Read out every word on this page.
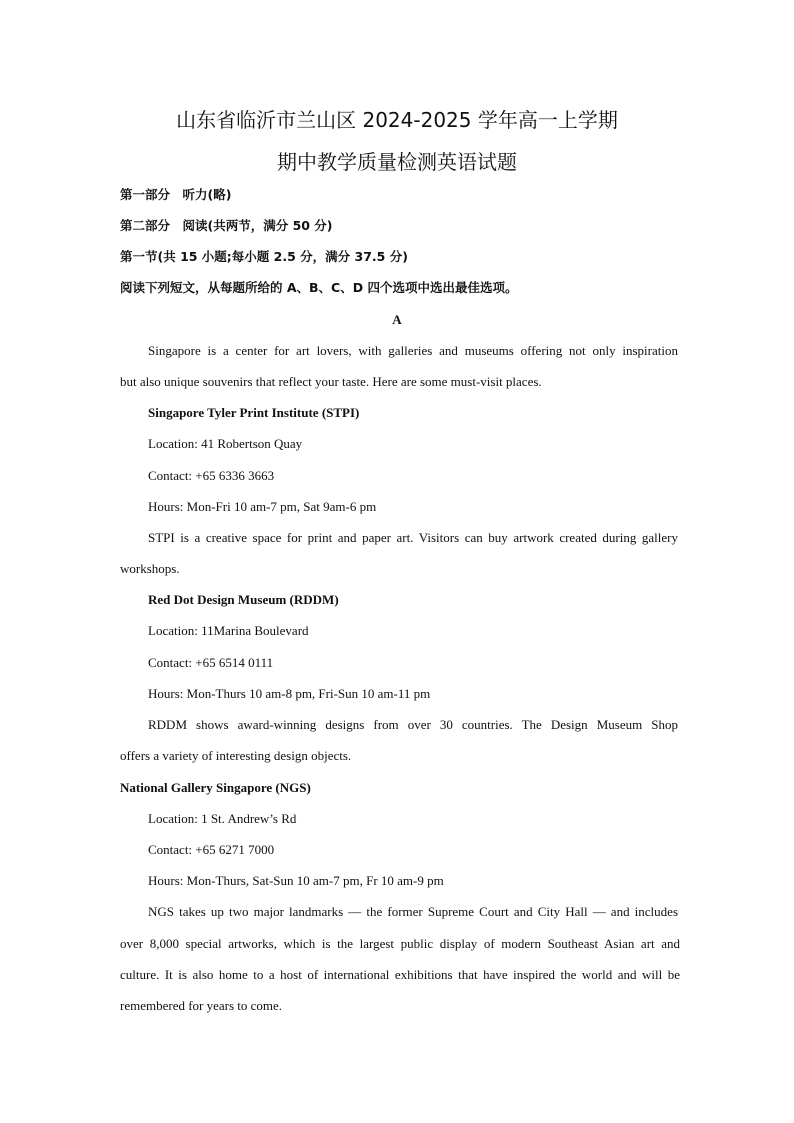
山东省临沂市兰山区 2024-2025 学年高一上学期
期中教学质量检测英语试题
第一部分　听力(略)
第二部分　阅读(共两节，满分 50 分)
第一节(共 15 小题;每小题 2.5 分，满分 37.5 分)
阅读下列短文，从每题所给的 A、B、C、D 四个选项中选出最佳选项。
A
Singapore is a center for art lovers, with galleries and museums offering not only inspiration
but also unique souvenirs that reflect your taste. Here are some must-visit places.
Singapore Tyler Print Institute (STPI)
Location: 41 Robertson Quay
Contact: +65 6336 3663
Hours: Mon-Fri 10 am-7 pm, Sat 9am-6 pm
STPI is a creative space for print and paper art. Visitors can buy artwork created during gallery
workshops.
Red Dot Design Museum (RDDM)
Location: 11Marina Boulevard
Contact: +65 6514 0111
Hours: Mon-Thurs 10 am-8 pm, Fri-Sun 10 am-11 pm
RDDM shows award-winning designs from over 30 countries. The Design Museum Shop
offers a variety of interesting design objects.
National Gallery Singapore (NGS)
Location: 1 St. Andrew’s Rd
Contact: +65 6271 7000
Hours: Mon-Thurs, Sat-Sun 10 am-7 pm, Fr 10 am-9 pm
NGS takes up two major landmarks — the former Supreme Court and City Hall — and includes
over 8,000 special artworks, which is the largest public display of modern Southeast Asian art and
culture. It is also home to a host of international exhibitions that have inspired the world and will be
remembered for years to come.
